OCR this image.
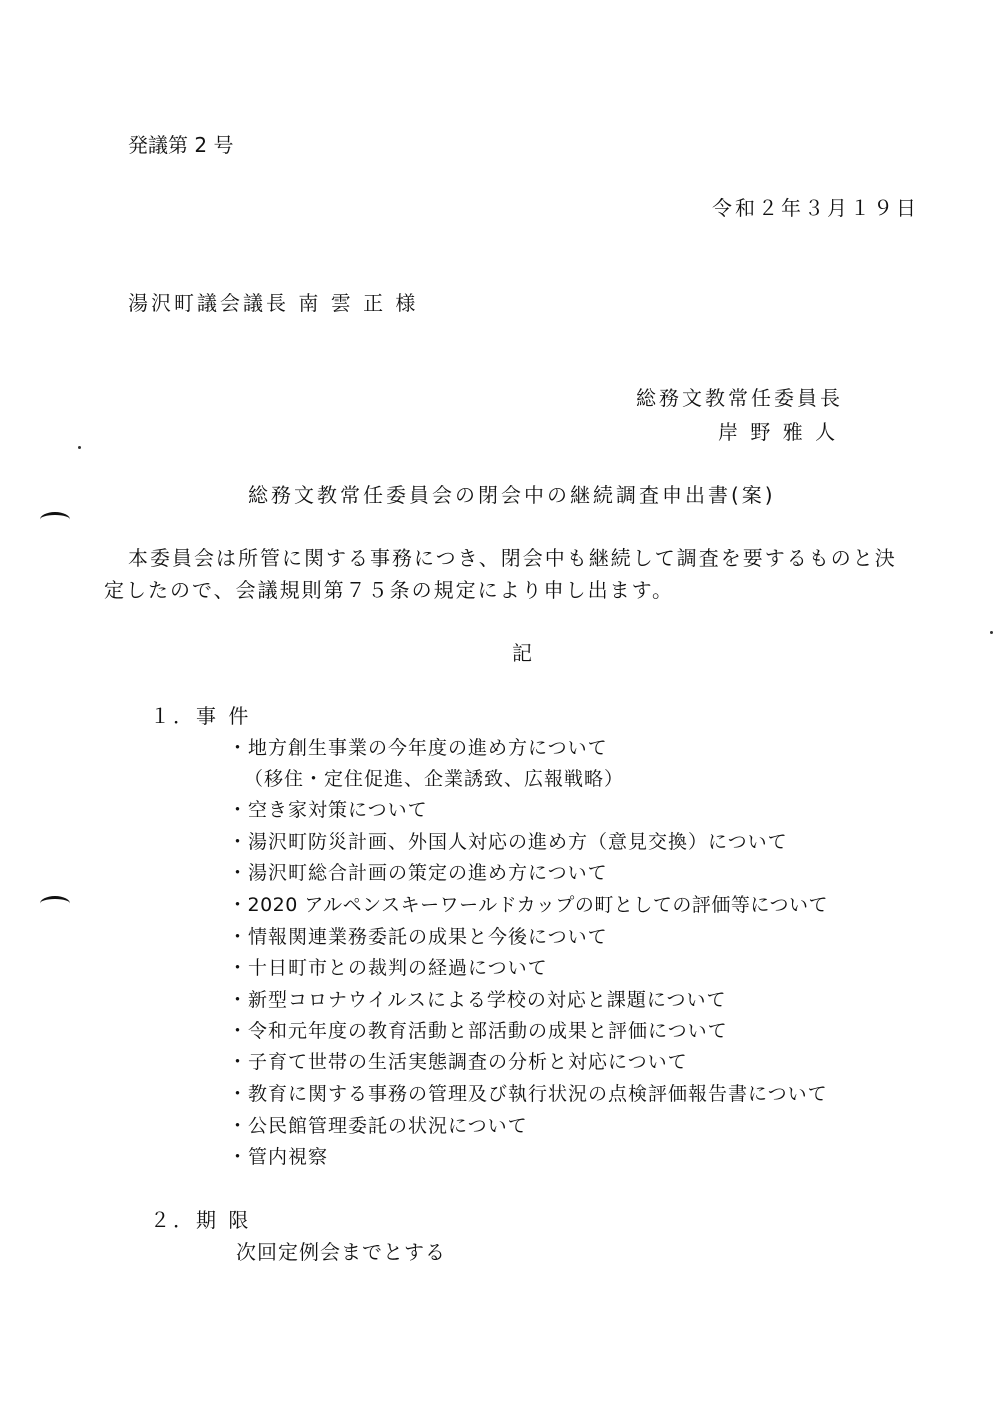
発議第 2 号
令和２年３月１９日
湯沢町議会議長 南 雲 正 様
総務文教常任委員長
岸 野 雅 人
総務文教常任委員会の閉会中の継続調査申出書(案)
本委員会は所管に関する事務につき、閉会中も継続して調査を要するものと決
定したので、会議規則第７５条の規定により申し出ます。
記
１．事 件
・地方創生事業の今年度の進め方について
（移住・定住促進、企業誘致、広報戦略）
・空き家対策について
・湯沢町防災計画、外国人対応の進め方（意見交換）について
・湯沢町総合計画の策定の進め方について
・2020 アルペンスキーワールドカップの町としての評価等について
・情報関連業務委託の成果と今後について
・十日町市との裁判の経過について
・新型コロナウイルスによる学校の対応と課題について
・令和元年度の教育活動と部活動の成果と評価について
・子育て世帯の生活実態調査の分析と対応について
・教育に関する事務の管理及び執行状況の点検評価報告書について
・公民館管理委託の状況について
・管内視察
２．期 限
次回定例会までとする
